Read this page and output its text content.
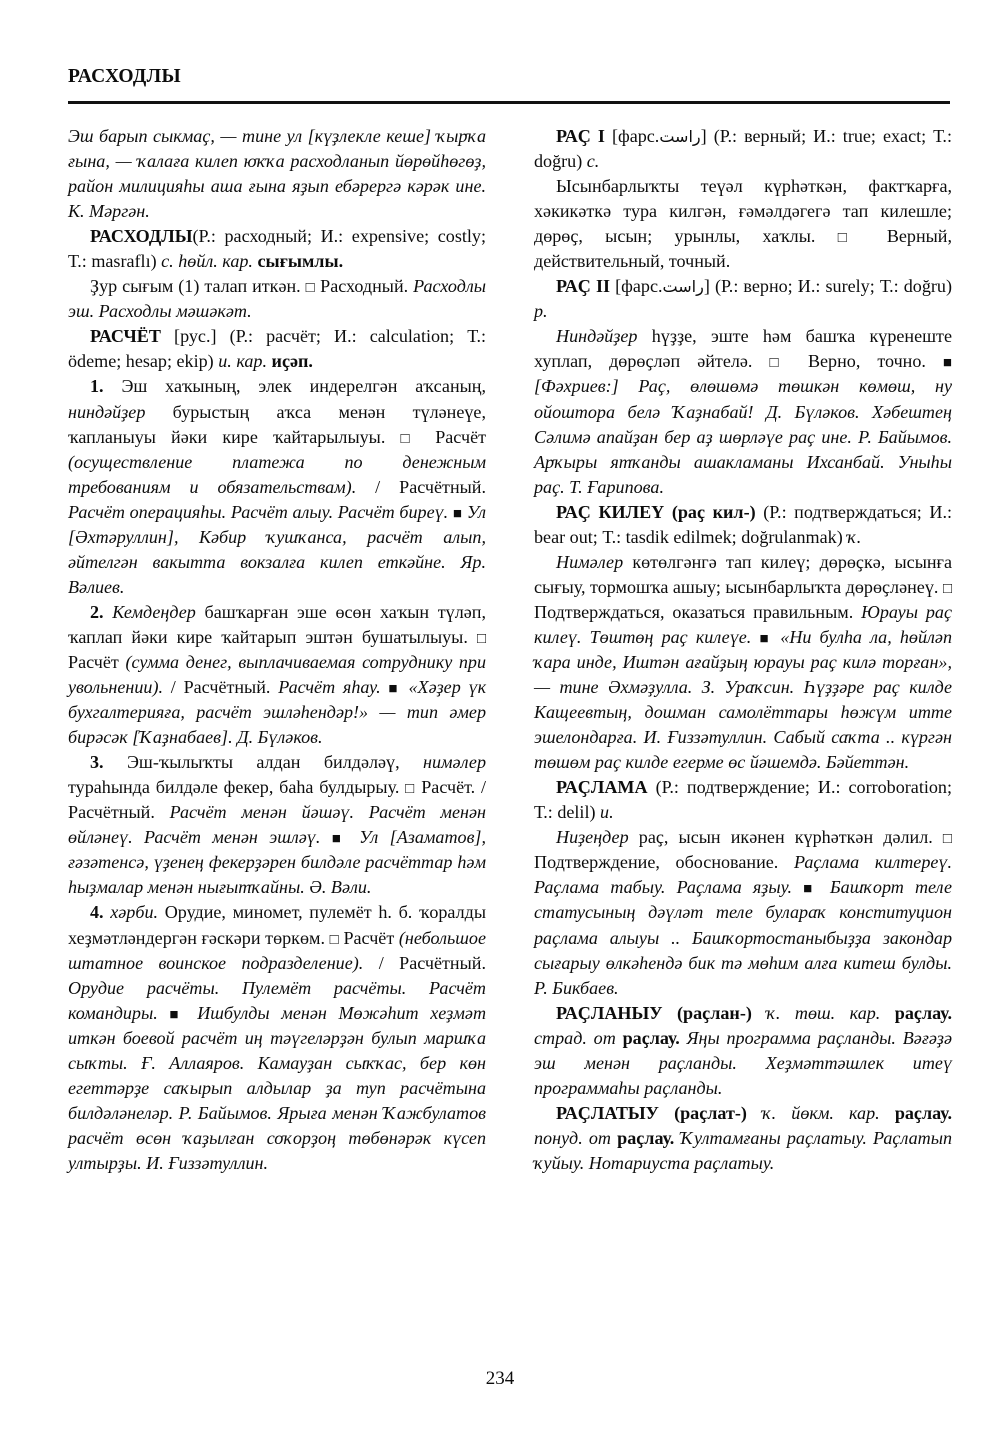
РАСХОДЛЫ

Эш барып сыкмаҫ, — тине ул [күҙлекле кеше] ҡырҡа ғына, — ҡалаға килеп юҡҡа расходланып йөрөйһөгөҙ, район милицияһы аша ғына яҙып ебәрергә кәрәк ине. К. Мәргән.

РАСХОДЛЫ(Р.: расходный; И.: expensive; costly; Т.: masraflı) с. һөйл. кар. сығымлы.

Ҙур сығым (1) талап иткән. □ Расходный. Расходлы эш. Расходлы мәшәкәт.

РАСЧЁТ [рус.] (Р.: расчёт; И.: calculation; Т.: ödeme; hesap; ekip) и. кар. иҫәп.

1. Эш хаҡының, элек индерелгән аҡсаның, ниндәйҙер бурыстың аҡса менән түләнеүе, ҡапланыуы йәки кире ҡайтарылыуы. □	Расчёт (осуществление платежа по денежным требованиям и обязательствам). / Расчётный. Расчёт операцияһы. Расчёт алыу. Расчёт биреү. ■ Ул [Әхтәруллин], Кәбир ҡушҡанса, расчёт алып, әйтелгән вакытта вокзалға килеп еткәйне. Яр. Вәлиев.

2. Кемдеңдер башҡарған эше өсөн хаҡын түләп, ҡаплап йәки кире ҡайтарып эштән бушатылыуы. □ Расчёт (сумма денег, выплачиваемая сотруднику при увольнении). / Расчётный. Расчёт яһау. ■ «Хәҙер үк бухгалтерияға, расчёт эшләһендәр!» — тип әмер бирәсәк [Ҡаҙнабаев]. Д. Бүләков.

3. Эш-ҡылыҡты алдан билдәләү, нимәлер тураһында билдәле фекер, баһа булдырыу. □ Расчёт. / Расчётный. Расчёт менән йәшәү. Расчёт менән өйләнеү. Расчёт менән эшләү. ■ Ул [Азаматов], ғәзәтенсә, үҙенең фекерҙәрен билдәле расчёттар һәм һыҙмалар менән нығытҡайны. Ә. Вәли.

4. хәрби. Орудие, миномет, пулемёт һ. б. ҡоралды хеҙмәтләндергән ғәскәри төркөм. □ Расчёт (небольшое штатное воинское подразделение). / Расчётный. Орудие расчёты. Пулемёт расчёты. Расчёт командиры. ■ Ишбулды менән Мөжәһит хеҙмәт иткән боевой расчёт иң тәүгеләрҙән булып маршҡа сыҡты. Ғ. Аллаяров. Камауҙан сыҡҡас, бер көн егеттәрҙе саҡырып алдылар ҙа туп расчётына билдәләнеләр. Р. Байымов. Ярыға менән Ҡажбулатов расчёт өсөн ҡаҙылған соҡорҙоң төбөнәрәк күсеп ултырҙы. И. Ғиззәтуллин.

РАҪ I [фарс.راست] (Р.: верный; И.: true; exact; Т.: doğru) с.

Ысынбарлыҡты теүәл күрһәткән, фактҡарға, хәкикәткә тура килгән, ғәмәлдәгегә тап килешле; дөрөҫ, ысын; урынлы, хаҡлы. □	Верный, действительный, точный.

РАҪ II [фарс.راست] (Р.: верно; И.: surely; Т.: doğru) р.

Ниндәйҙер һүҙҙе, эште һәм башҡа күренеште хуплап, дөрөҫләп әйтелә. □	Верно, точно. ■ [Фәхриев:] Раҫ, өлөшөмә төшкән көмөш, ну ойоштора белә Ҡаҙнабай! Д. Бүләков. Хәбештең Сәлимә апайҙан бер аҙ шөрләүе раҫ ине. Р. Байымов. Арҡыры ятҡанды ашакламаны Ихсанбай. Уныһы раҫ. Т. Ғарипова.

РАҪ КИЛЕҮ (раҫ кил-) (Р.: подтверждаться; И.: bear out; Т.: tasdik edilmek; doğrulanmak) ҡ.

Нимәлер көтөлгәнгә тап килеү; дөрөҫкә, ысынға сығыу, тормошҡа ашыу; ысынбарлыҡта дөрөҫләнеү. □ Подтверждаться, оказаться правильным. Юрауы раҫ килеү. Төштөң раҫ килеүе. ■ «Ни булһа ла, һөйләп ҡара инде, Иштән ағайҙың юрауы раҫ килә торған», — тине Әхмәҙулла. З. Ураҡсин. Һүҙҙәре раҫ килде Кащеевтың, дошман самолёттары һөжүм итте эшелондарға. И. Ғиззәтуллин. Сабый саҡта .. күргән төшөм раҫ килде егерме өс йәшемдә. Бәйеттән.

РАҪЛАМА (Р.: подтверждение; И.: corroboration; Т.: delil) и.

Ниҙеңдер раҫ, ысын икәнен күрһәткән дәлил. □ Подтверждение, обоснование. Раҫлама килтереү. Раҫлама табыу. Раҫлама яҙыу. ■ Башҡорт теле статусының дәүләт теле булараҡ конституцион раҫлама алыуы .. Башҡортостаныбыҙҙа закондар сығарыу өлкәһендә бик тә мөһим алға китеш булды. Р. Бикбаев.

РАҪЛАНЫУ (раҫлан-) ҡ. төш. кар. раҫлау. страд. от раҫлау. Яңы программа раҫланды. Вәғәҙә эш менән раҫланды. Хеҙмәттәшлек итеү программаһы раҫланды.

РАҪЛАТЫУ (раҫлат-) ҡ. йөкм. кар. раҫлау. понуд. от раҫлау. Ҡултамғаны раҫлатыу. Раҫлатып ҡуйыу. Нотариуста раҫлатыу.

234
